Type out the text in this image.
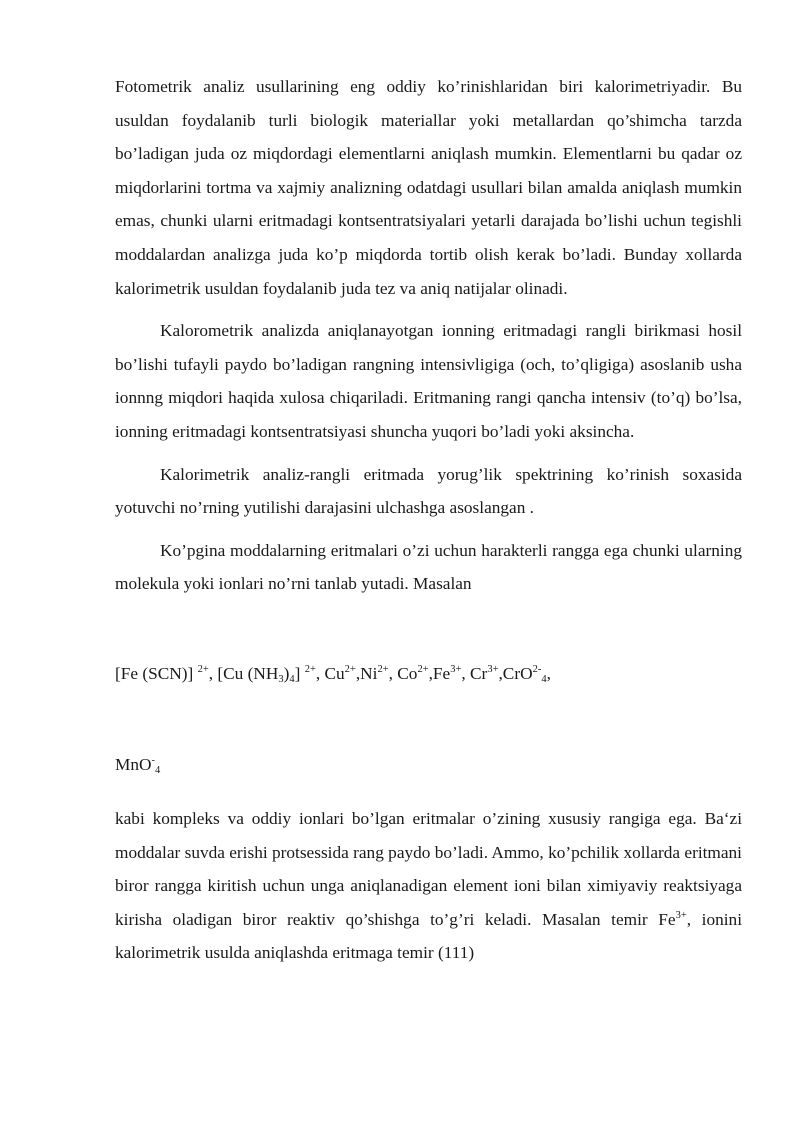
Fotometrik analiz usullarining eng oddiy ko’rinishlaridan biri kalorimetriyadir. Bu usuldan foydalanib turli biologik materiallar yoki metallardan qo’shimcha tarzda bo’ladigan juda oz miqdordagi elementlarni aniqlash mumkin. Elementlarni bu qadar oz miqdorlarini tortma va xajmiy analizning odatdagi usullari bilan amalda aniqlash mumkin emas, chunki ularni eritmadagi kontsentratsiyalari yetarli darajada bo’lishi uchun tegishli moddalardan analizga juda ko’p miqdorda tortib olish kerak bo’ladi. Bunday xollarda kalorimetrik usuldan foydalanib juda tez va aniq natijalar olinadi.

Kalorometrik analizda aniqlanayotgan ionning eritmadagi rangli birikmasi hosil bo’lishi tufayli paydo bo’ladigan rangning intensivligiga (och, to’qligiga) asoslanib usha ionnng miqdori haqida xulosa chiqariladi. Eritmaning rangi qancha intensiv (to’q) bo’lsa, ionning eritmadagi kontsentratsiyasi shuncha yuqori bo’ladi yoki aksincha.

Kalorimetrik analiz-rangli eritmada yorug’lik spektrining ko’rinish soxasida yotuvchi no’rning yutilishi darajasini ulchashga asoslangan .

Ko’pgina moddalarning eritmalari o’zi uchun harakterli rangga ega chunki ularning molekula yoki ionlari no’rni tanlab yutadi. Masalan

[Fe (SCN)] $^{2+}$, [Cu $(NH_3)_4$] $^{2+}$, $Cu^{2+},Ni^{2+}$, $Co^{2+},Fe^{3+}$, $Cr^{3+},CrO^{2-}_4$,
MnO-$_4$

kabi kompleks va oddiy ionlari bo’lgan eritmalar o’zining xususiy rangiga ega. Ba‘zi moddalar suvda erishi protsessida rang paydo bo’ladi. Ammo, ko’pchilik xollarda eritmani biror rangga kiritish uchun unga aniqlanadigan element ioni bilan ximiyaviy reaktsiyaga kirisha oladigan biror reaktiv qo’shishga to’g’ri keladi. Masalan temir $Fe^{3+}$, ionini kalorimetrik usulda aniqlashda eritmaga temir (111)
